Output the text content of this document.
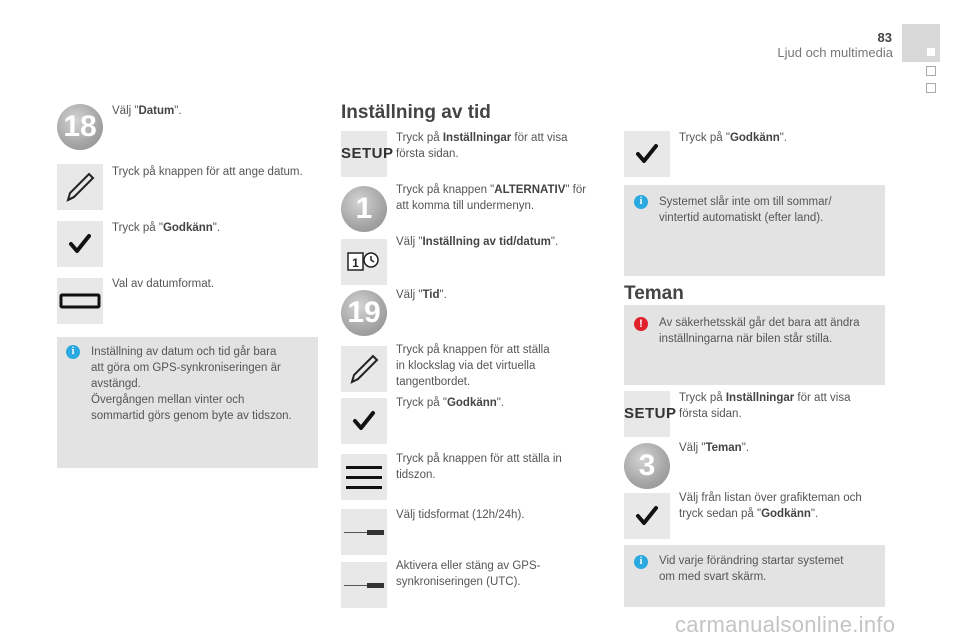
83
Ljud och multimedia
18	Välj "Datum".
Tryck på knappen för att ange datum.
Tryck på "Godkänn".
Val av datumformat.
i	Inställning av datum och tid går bara
att göra om GPS-synkroniseringen är
avstängd.
Övergången mellan vinter och
sommartid görs genom byte av tidszon.
Inställning av tid
SETUP
Tryck på Inställningar för att visa
första sidan.
1
Tryck på knappen "ALTERNATIV" för
att komma till undermenyn.
1
Välj "Inställning av tid/datum".
19
Välj "Tid".
Tryck på knappen för att ställa
in klockslag via det virtuella
tangentbordet.
Tryck på "Godkänn".
Tryck på knappen för att ställa in
tidszon.
Välj tidsformat (12h/24h).
Aktivera eller stäng av GPS-
synkroniseringen (UTC).
Tryck på "Godkänn".
i	Systemet slår inte om till sommar/
vintertid automatiskt (efter land).
Teman
!	Av säkerhetsskäl går det bara att ändra
inställningarna när bilen står stilla.
SETUP
Tryck på Inställningar för att visa
första sidan.
3
Välj "Teman".
Välj från listan över grafikteman och
tryck sedan på "Godkänn".
i	Vid varje förändring startar systemet
om med svart skärm.
carmanualsonline.info
